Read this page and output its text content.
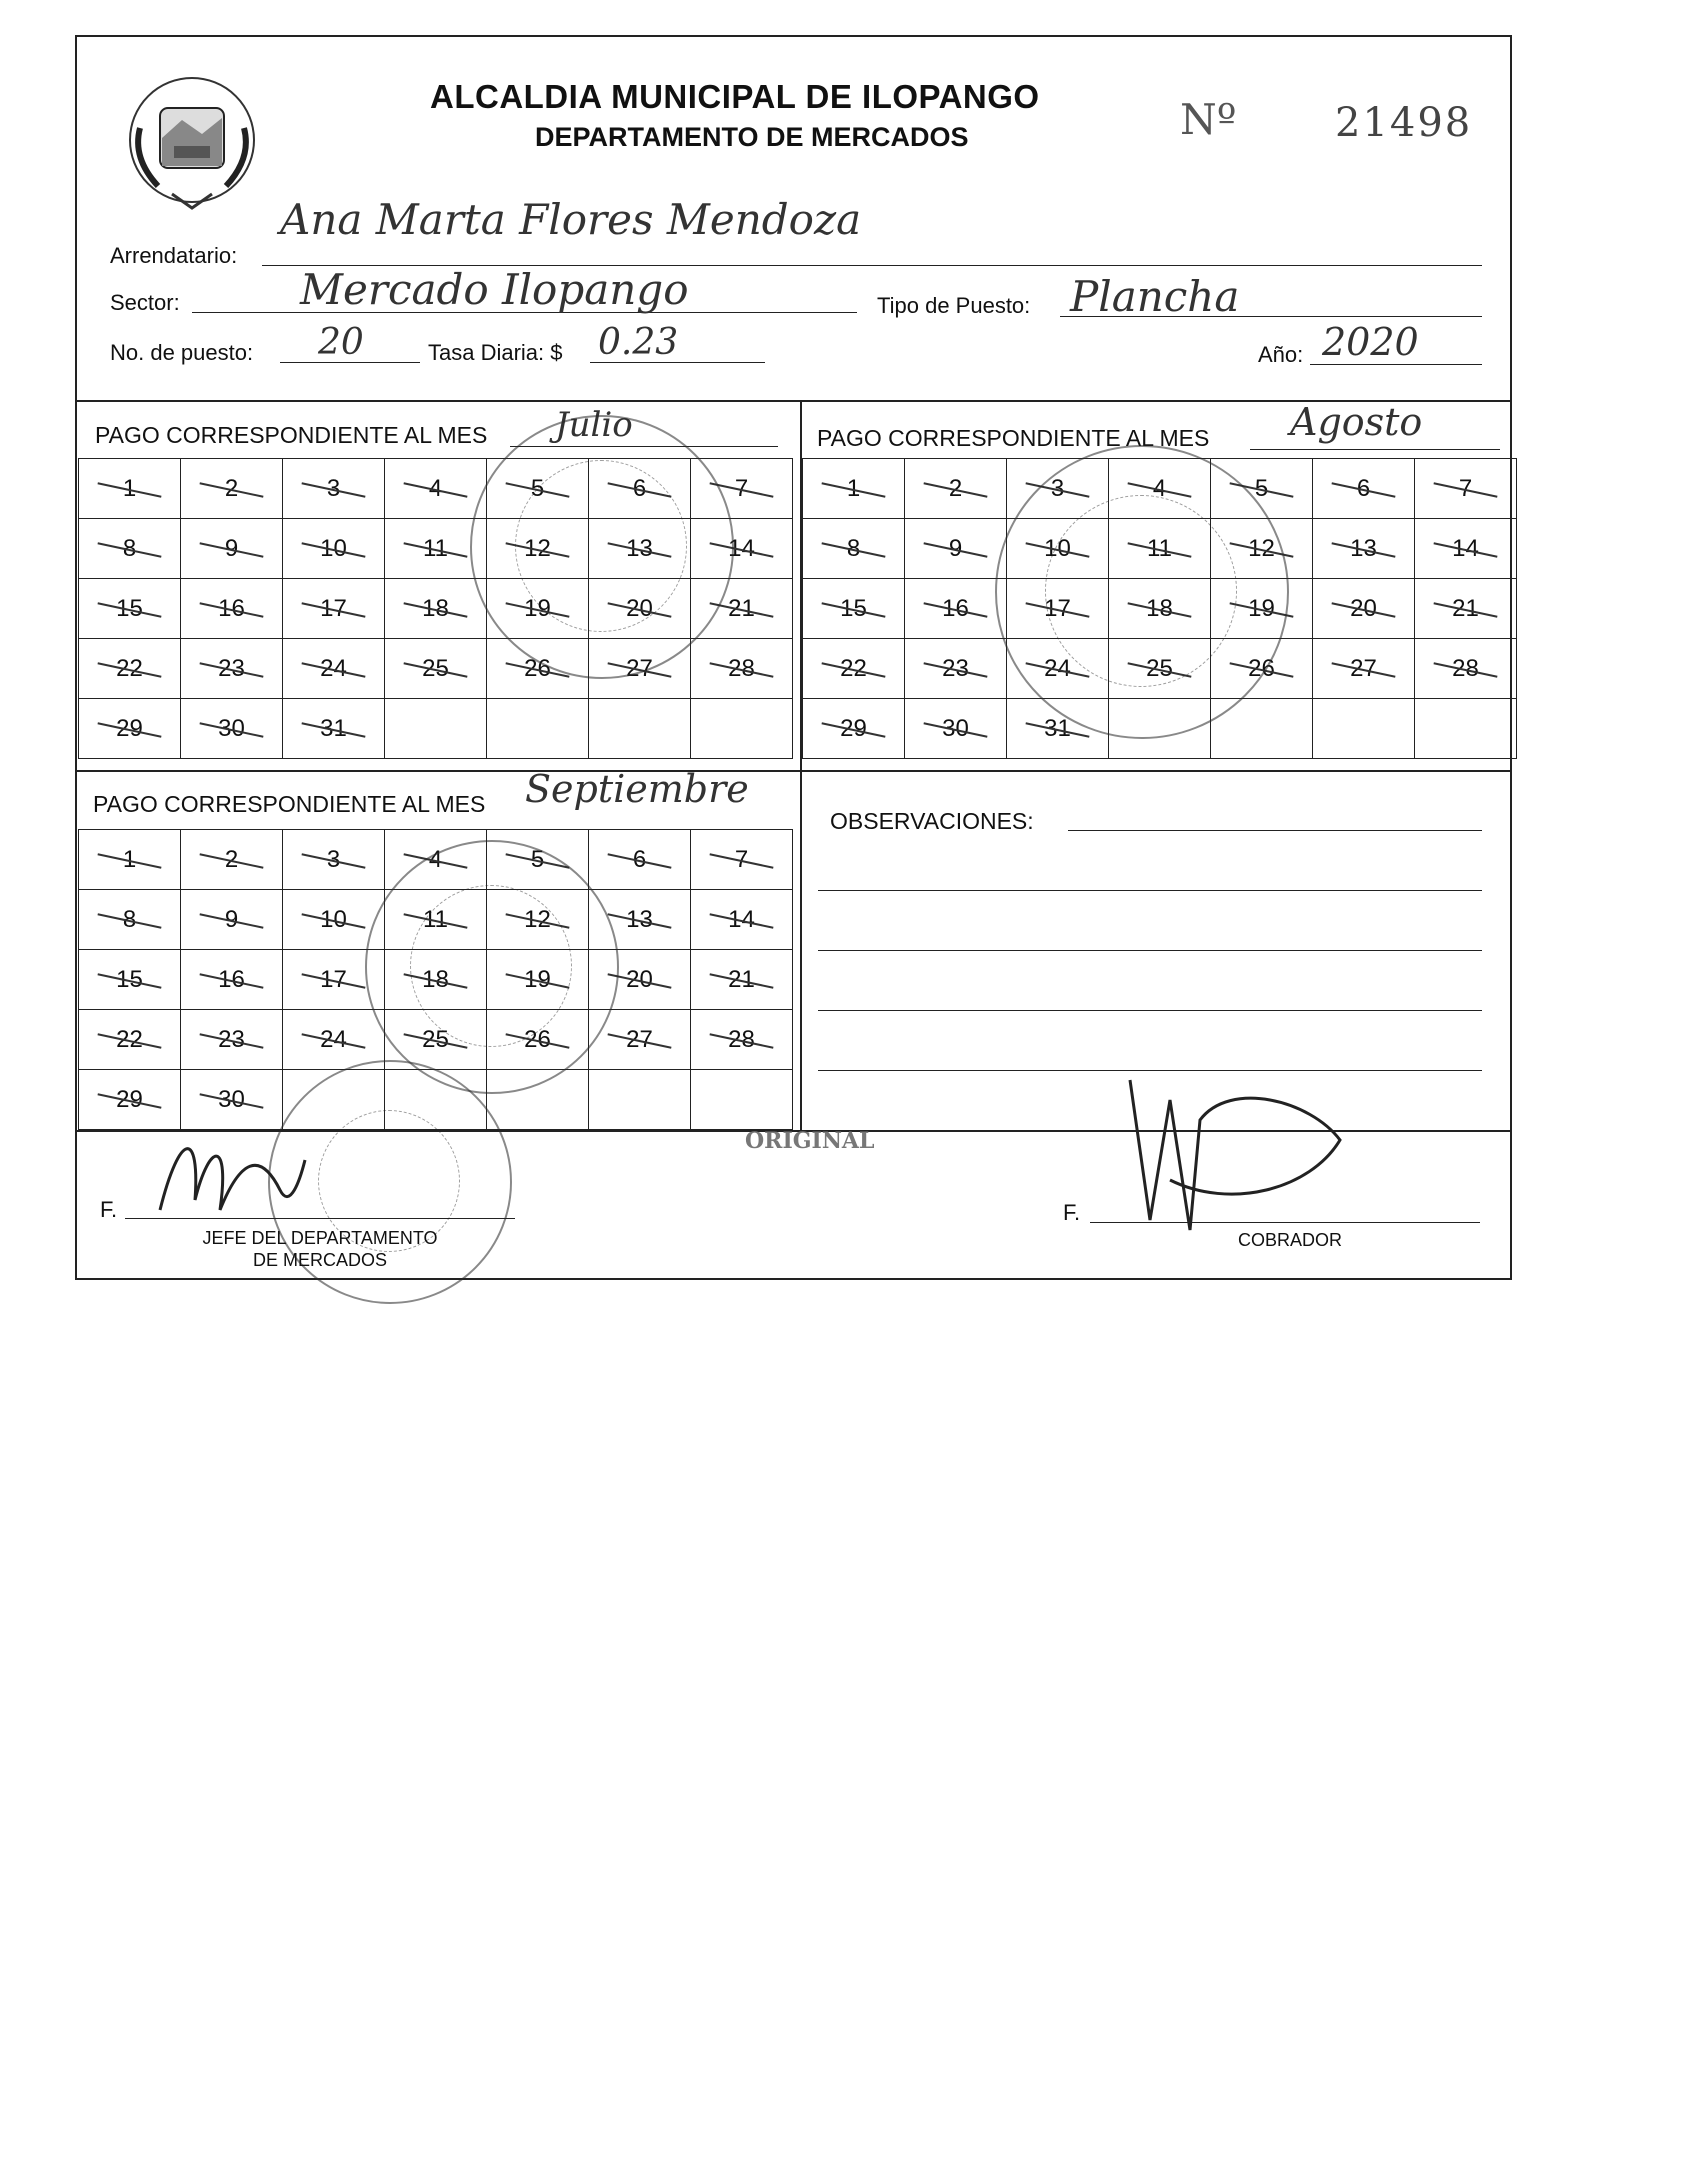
ALCALDIA MUNICIPAL DE ILOPANGO
DEPARTAMENTO DE MERCADOS	Nº 21498
Arrendatario:
Ana Marta Flores Mendoza
Sector:	Mercado Ilopango	Tipo de Puesto: Plancha
No. de puesto: 20	Tasa Diaria: $ 0.23	Año: 2020
PAGO CORRESPONDIENTE AL MES Julio
1	2	3	4	5	6	7
8	9	10	11	12	13	14
15	16	17	18	19	20	21
22	23	24	25	26	27	28
29	30	31				
PAGO CORRESPONDIENTE AL MES Agosto
1	2	3	4	5	6	7
8	9	10	11	12	13	14
15	16	17	18	19	20	21
22	23	24	25	26	27	28
29	30	31				
PAGO CORRESPONDIENTE AL MES Septiembre
1	2	3	4	5	6	7
8	9	10	11	12	13	14
15	16	17	18	19	20	21
22	23	24	25	26	27	28
29	30					
OBSERVACIONES:
ORIGINAL
F.
JEFE DEL DEPARTAMENTO
DE MERCADOS
F.
COBRADOR
